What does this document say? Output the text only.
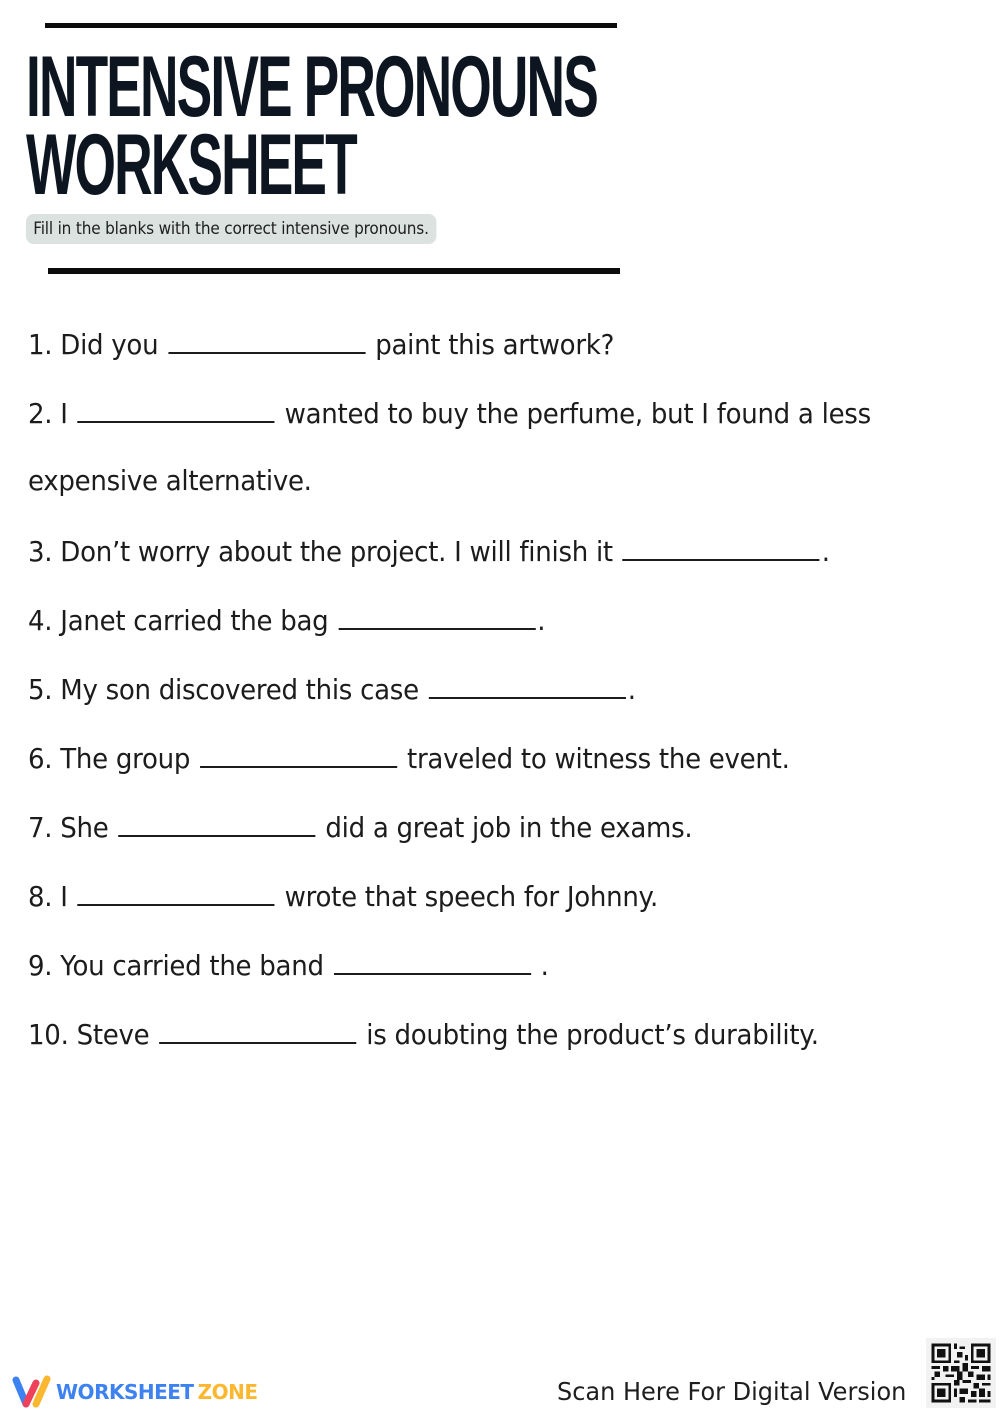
INTENSIVE PRONOUNS
WORKSHEET
Fill in the blanks with the correct intensive pronouns.
1. Did you	paint this artwork?
2. I	wanted to buy the perfume, but I found a less
expensive alternative.
3. Don’t worry about the project. I will finish it	.
4. Janet carried the bag	.
5. My son discovered this case	.
6. The group	traveled to witness the event.
7. She	did a great job in the exams.
8. I	wrote that speech for Johnny.
9. You carried the band	.
10. Steve	is doubting the product’s durability.
WORKSHEET ZONE	Scan Here For Digital Version
